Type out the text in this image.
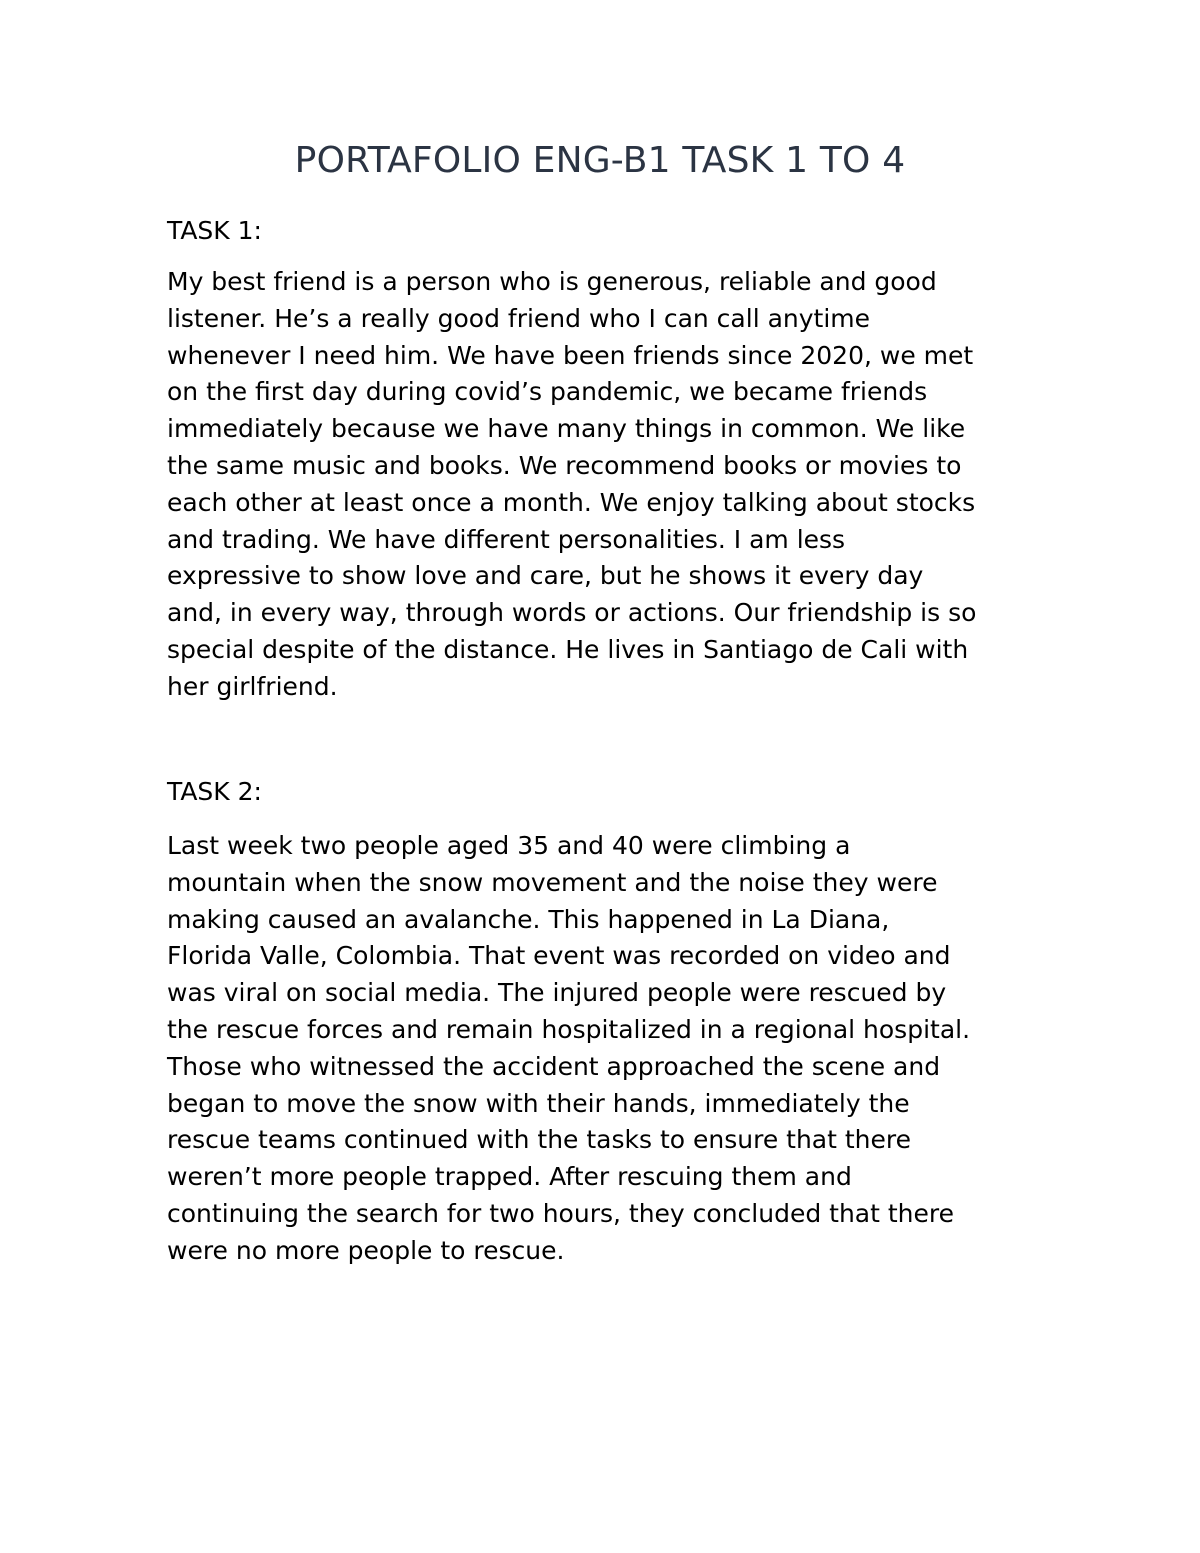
PORTAFOLIO ENG-B1 TASK 1 TO 4
TASK 1:

My best friend is a person who is generous, reliable and good
listener. He’s a really good friend who I can call anytime
whenever I need him. We have been friends since 2020, we met
on the first day during covid’s pandemic, we became friends
immediately because we have many things in common. We like
the same music and books. We recommend books or movies to
each other at least once a month. We enjoy talking about stocks
and trading. We have different personalities. I am less
expressive to show love and care, but he shows it every day
and, in every way, through words or actions. Our friendship is so
special despite of the distance. He lives in Santiago de Cali with
her girlfriend.

TASK 2:

Last week two people aged 35 and 40 were climbing a
mountain when the snow movement and the noise they were
making caused an avalanche. This happened in La Diana,
Florida Valle, Colombia. That event was recorded on video and
was viral on social media. The injured people were rescued by
the rescue forces and remain hospitalized in a regional hospital.
Those who witnessed the accident approached the scene and
began to move the snow with their hands, immediately the
rescue teams continued with the tasks to ensure that there
weren’t more people trapped. After rescuing them and
continuing the search for two hours, they concluded that there
were no more people to rescue.
